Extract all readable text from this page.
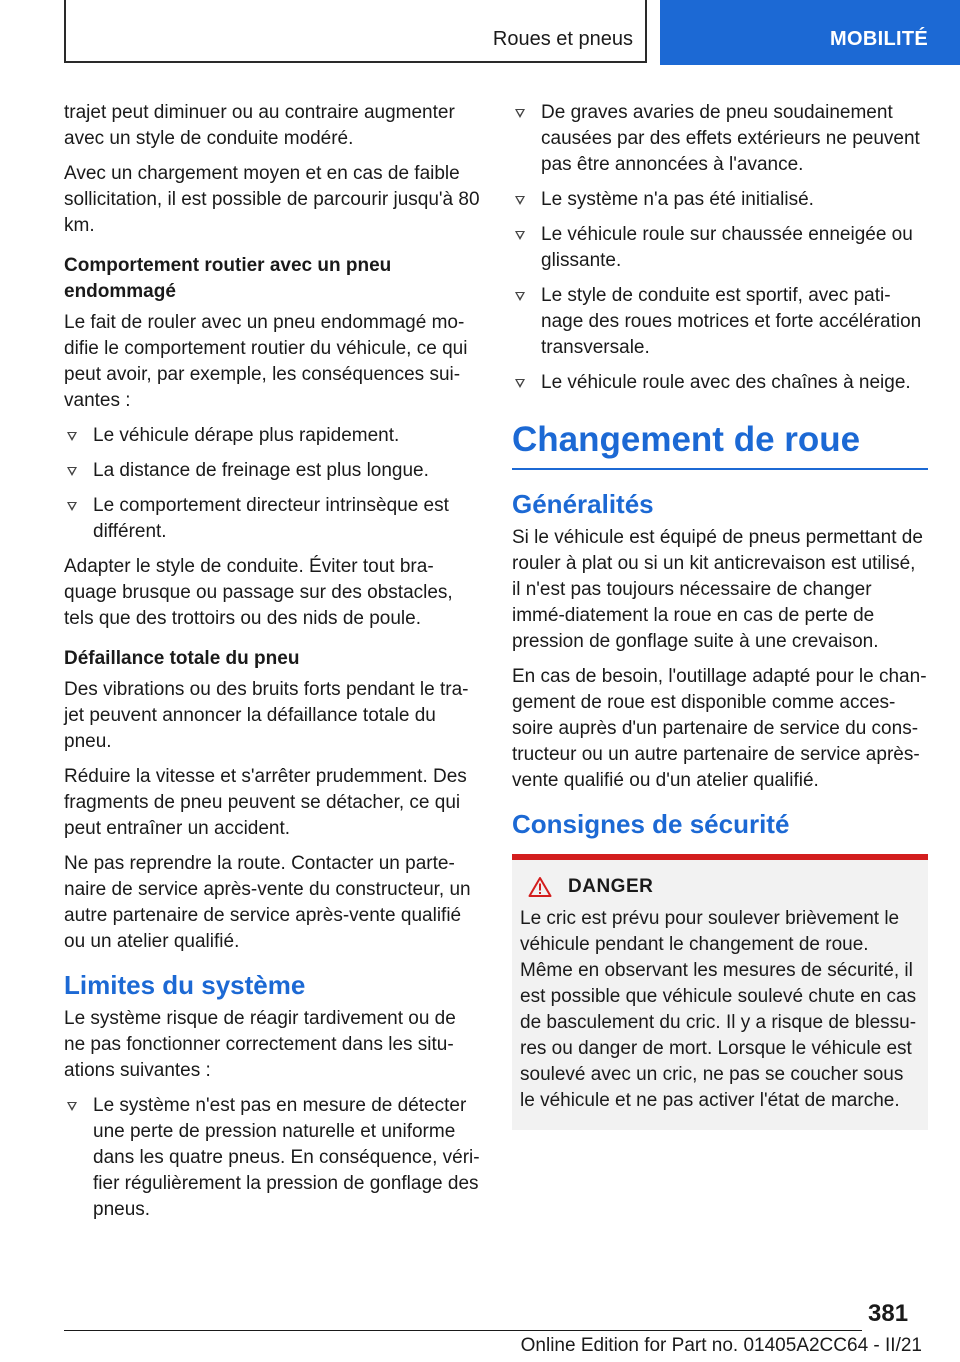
Roues et pneus	MOBILITÉ

trajet peut diminuer ou au contraire augmenter avec un style de conduite modéré.

Avec un chargement moyen et en cas de faible sollicitation, il est possible de parcourir jusqu'à 80 km.

Comportement routier avec un pneu endommagé

Le fait de rouler avec un pneu endommagé mo‐difie le comportement routier du véhicule, ce qui peut avoir, par exemple, les conséquences sui‐vantes :

Le véhicule dérape plus rapidement.
La distance de freinage est plus longue.
Le comportement directeur intrinsèque est différent.

Adapter le style de conduite. Éviter tout bra‐quage brusque ou passage sur des obstacles, tels que des trottoirs ou des nids de poule.

Défaillance totale du pneu

Des vibrations ou des bruits forts pendant le tra‐jet peuvent annoncer la défaillance totale du pneu.

Réduire la vitesse et s'arrêter prudemment. Des fragments de pneu peuvent se détacher, ce qui peut entraîner un accident.

Ne pas reprendre la route. Contacter un parte‐naire de service après-vente du constructeur, un autre partenaire de service après-vente qualifié ou un atelier qualifié.

Limites du système

Le système risque de réagir tardivement ou de ne pas fonctionner correctement dans les situ‐ations suivantes :

Le système n'est pas en mesure de détecter une perte de pression naturelle et uniforme dans les quatre pneus. En conséquence, véri‐fier régulièrement la pression de gonflage des pneus.
De graves avaries de pneu soudainement causées par des effets extérieurs ne peuvent pas être annoncées à l'avance.
Le système n'a pas été initialisé.
Le véhicule roule sur chaussée enneigée ou glissante.
Le style de conduite est sportif, avec pati‐nage des roues motrices et forte accélération transversale.
Le véhicule roule avec des chaînes à neige.
Changement de roue
Généralités

Si le véhicule est équipé de pneus permettant de rouler à plat ou si un kit anticrevaison est utilisé, il n'est pas toujours nécessaire de changer immé‐diatement la roue en cas de perte de pression de gonflage suite à une crevaison.

En cas de besoin, l'outillage adapté pour le chan‐gement de roue est disponible comme acces‐soire auprès d'un partenaire de service du cons‐tructeur ou un autre partenaire de service après-vente qualifié ou d'un atelier qualifié.

Consignes de sécurité
DANGER

Le cric est prévu pour soulever brièvement le véhicule pendant le changement de roue. Même en observant les mesures de sécurité, il est possible que véhicule soulevé chute en cas de basculement du cric. Il y a risque de blessu‐res ou danger de mort. Lorsque le véhicule est soulevé avec un cric, ne pas se coucher sous le véhicule et ne pas activer l'état de marche.

381
Online Edition for Part no. 01405A2CC64 - II/21
